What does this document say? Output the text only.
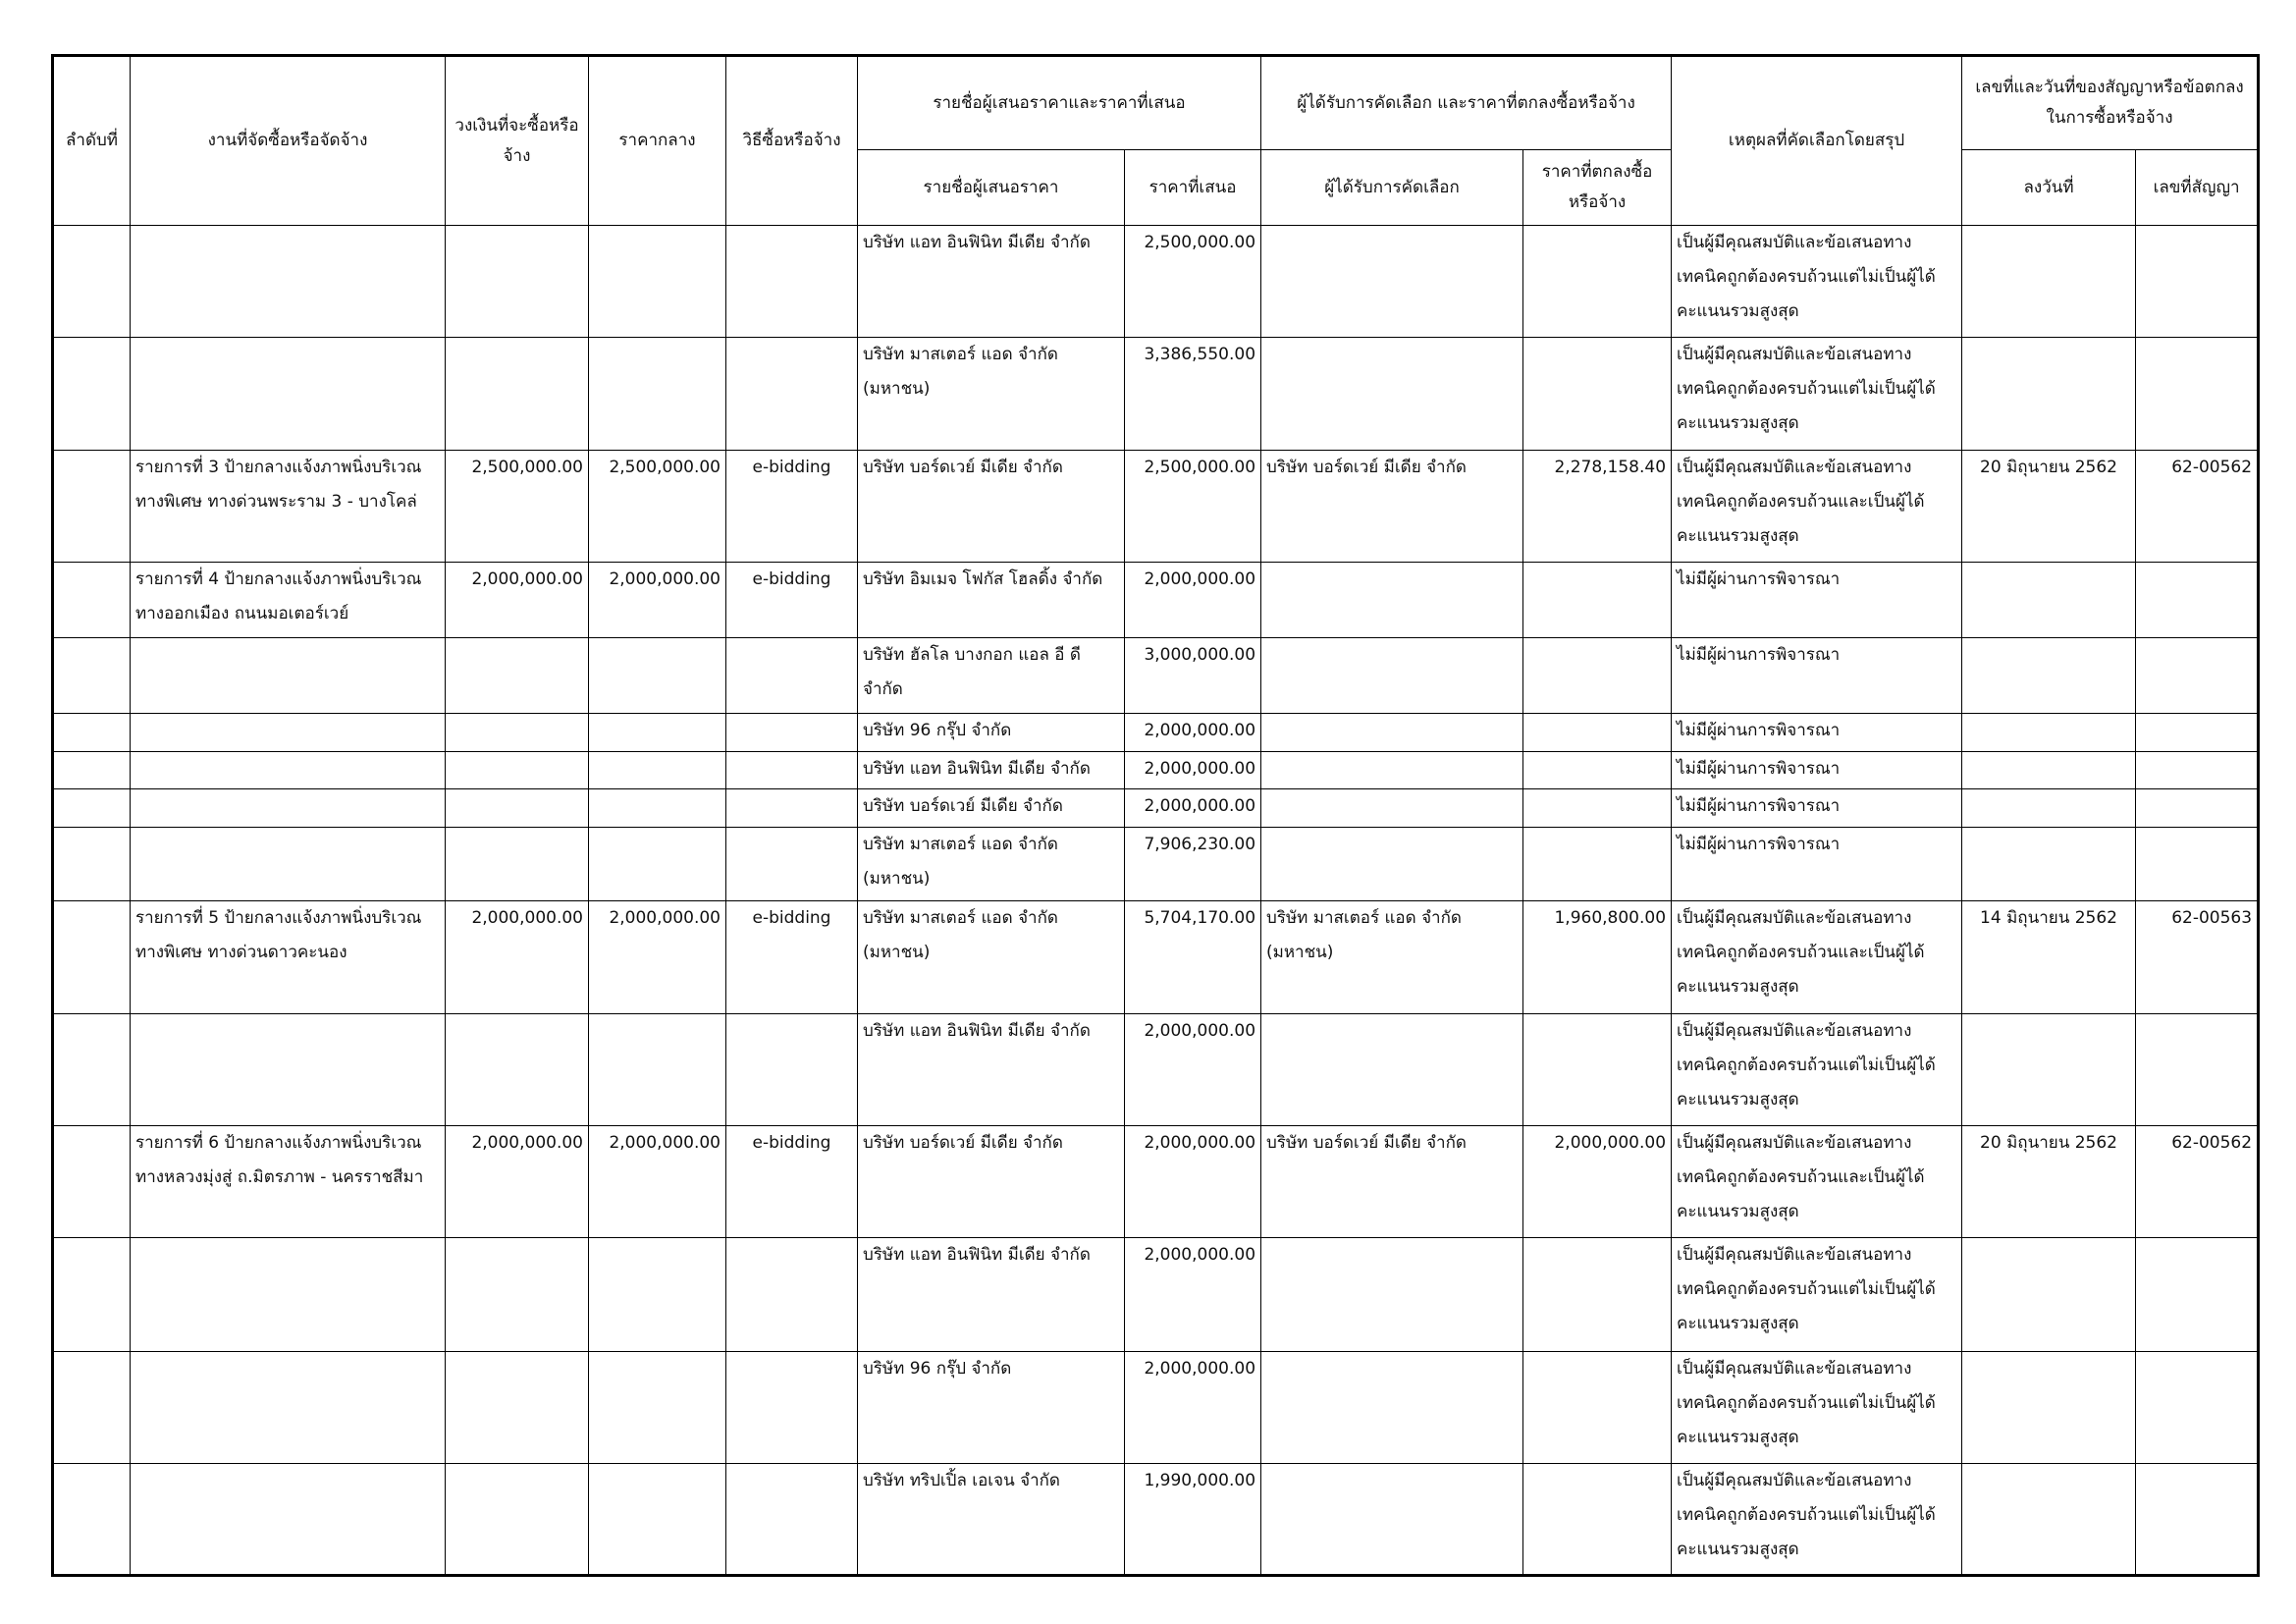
ลำดับที่	งานที่จัดซื้อหรือจัดจ้าง	วงเงินที่จะซื้อหรือจ้าง	ราคากลาง	วิธีซื้อหรือจ้าง	รายชื่อผู้เสนอราคาและราคาที่เสนอ		ผู้ได้รับการคัดเลือก และราคาที่ตกลงซื้อหรือจ้าง		เหตุผลที่คัดเลือกโดยสรุป	เลขที่และวันที่ของสัญญาหรือข้อตกลงในการซื้อหรือจ้าง	
					รายชื่อผู้เสนอราคา	ราคาที่เสนอ	ผู้ได้รับการคัดเลือก	ราคาที่ตกลงซื้อหรือจ้าง		ลงวันที่	เลขที่สัญญา
					บริษัท แอท อินฟินิท มีเดีย จำกัด	2,500,000.00			เป็นผู้มีคุณสมบัติและข้อเสนอทางเทคนิคถูกต้องครบถ้วนแต่ไม่เป็นผู้ได้คะแนนรวมสูงสุด		
					บริษัท มาสเตอร์ แอด จำกัด (มหาชน)	3,386,550.00			เป็นผู้มีคุณสมบัติและข้อเสนอทางเทคนิคถูกต้องครบถ้วนแต่ไม่เป็นผู้ได้คะแนนรวมสูงสุด		
	รายการที่ 3 ป้ายกลางแจ้งภาพนิ่งบริเวณทางพิเศษ ทางด่วนพระราม 3 - บางโคล่	2,500,000.00	2,500,000.00	e-bidding	บริษัท บอร์ดเวย์ มีเดีย จำกัด	2,500,000.00	บริษัท บอร์ดเวย์ มีเดีย จำกัด	2,278,158.40	เป็นผู้มีคุณสมบัติและข้อเสนอทางเทคนิคถูกต้องครบถ้วนและเป็นผู้ได้คะแนนรวมสูงสุด	20 มิถุนายน 2562	62-00562
	รายการที่ 4 ป้ายกลางแจ้งภาพนิ่งบริเวณทางออกเมือง ถนนมอเตอร์เวย์	2,000,000.00	2,000,000.00	e-bidding	บริษัท อิมเมจ โฟกัส โฮลดิ้ง จำกัด	2,000,000.00			ไม่มีผู้ผ่านการพิจารณา		
					บริษัท ฮัลโล บางกอก แอล อี ดี จำกัด	3,000,000.00			ไม่มีผู้ผ่านการพิจารณา		
					บริษัท 96 กรุ๊ป จำกัด	2,000,000.00			ไม่มีผู้ผ่านการพิจารณา		
					บริษัท แอท อินฟินิท มีเดีย จำกัด	2,000,000.00			ไม่มีผู้ผ่านการพิจารณา		
					บริษัท บอร์ดเวย์ มีเดีย จำกัด	2,000,000.00			ไม่มีผู้ผ่านการพิจารณา		
					บริษัท มาสเตอร์ แอด จำกัด (มหาชน)	7,906,230.00			ไม่มีผู้ผ่านการพิจารณา		
	รายการที่ 5 ป้ายกลางแจ้งภาพนิ่งบริเวณทางพิเศษ ทางด่วนดาวคะนอง	2,000,000.00	2,000,000.00	e-bidding	บริษัท มาสเตอร์ แอด จำกัด (มหาชน)	5,704,170.00	บริษัท มาสเตอร์ แอด จำกัด (มหาชน)	1,960,800.00	เป็นผู้มีคุณสมบัติและข้อเสนอทางเทคนิคถูกต้องครบถ้วนและเป็นผู้ได้คะแนนรวมสูงสุด	14 มิถุนายน 2562	62-00563
					บริษัท แอท อินฟินิท มีเดีย จำกัด	2,000,000.00			เป็นผู้มีคุณสมบัติและข้อเสนอทางเทคนิคถูกต้องครบถ้วนแต่ไม่เป็นผู้ได้คะแนนรวมสูงสุด		
	รายการที่ 6 ป้ายกลางแจ้งภาพนิ่งบริเวณทางหลวงมุ่งสู่ ถ.มิตรภาพ - นครราชสีมา	2,000,000.00	2,000,000.00	e-bidding	บริษัท บอร์ดเวย์ มีเดีย จำกัด	2,000,000.00	บริษัท บอร์ดเวย์ มีเดีย จำกัด	2,000,000.00	เป็นผู้มีคุณสมบัติและข้อเสนอทางเทคนิคถูกต้องครบถ้วนและเป็นผู้ได้คะแนนรวมสูงสุด	20 มิถุนายน 2562	62-00562
					บริษัท แอท อินฟินิท มีเดีย จำกัด	2,000,000.00			เป็นผู้มีคุณสมบัติและข้อเสนอทางเทคนิคถูกต้องครบถ้วนแต่ไม่เป็นผู้ได้คะแนนรวมสูงสุด		
					บริษัท 96 กรุ๊ป จำกัด	2,000,000.00			เป็นผู้มีคุณสมบัติและข้อเสนอทางเทคนิคถูกต้องครบถ้วนแต่ไม่เป็นผู้ได้คะแนนรวมสูงสุด		
					บริษัท ทริปเปิ้ล เอเจน จำกัด	1,990,000.00			เป็นผู้มีคุณสมบัติและข้อเสนอทางเทคนิคถูกต้องครบถ้วนแต่ไม่เป็นผู้ได้คะแนนรวมสูงสุด		
